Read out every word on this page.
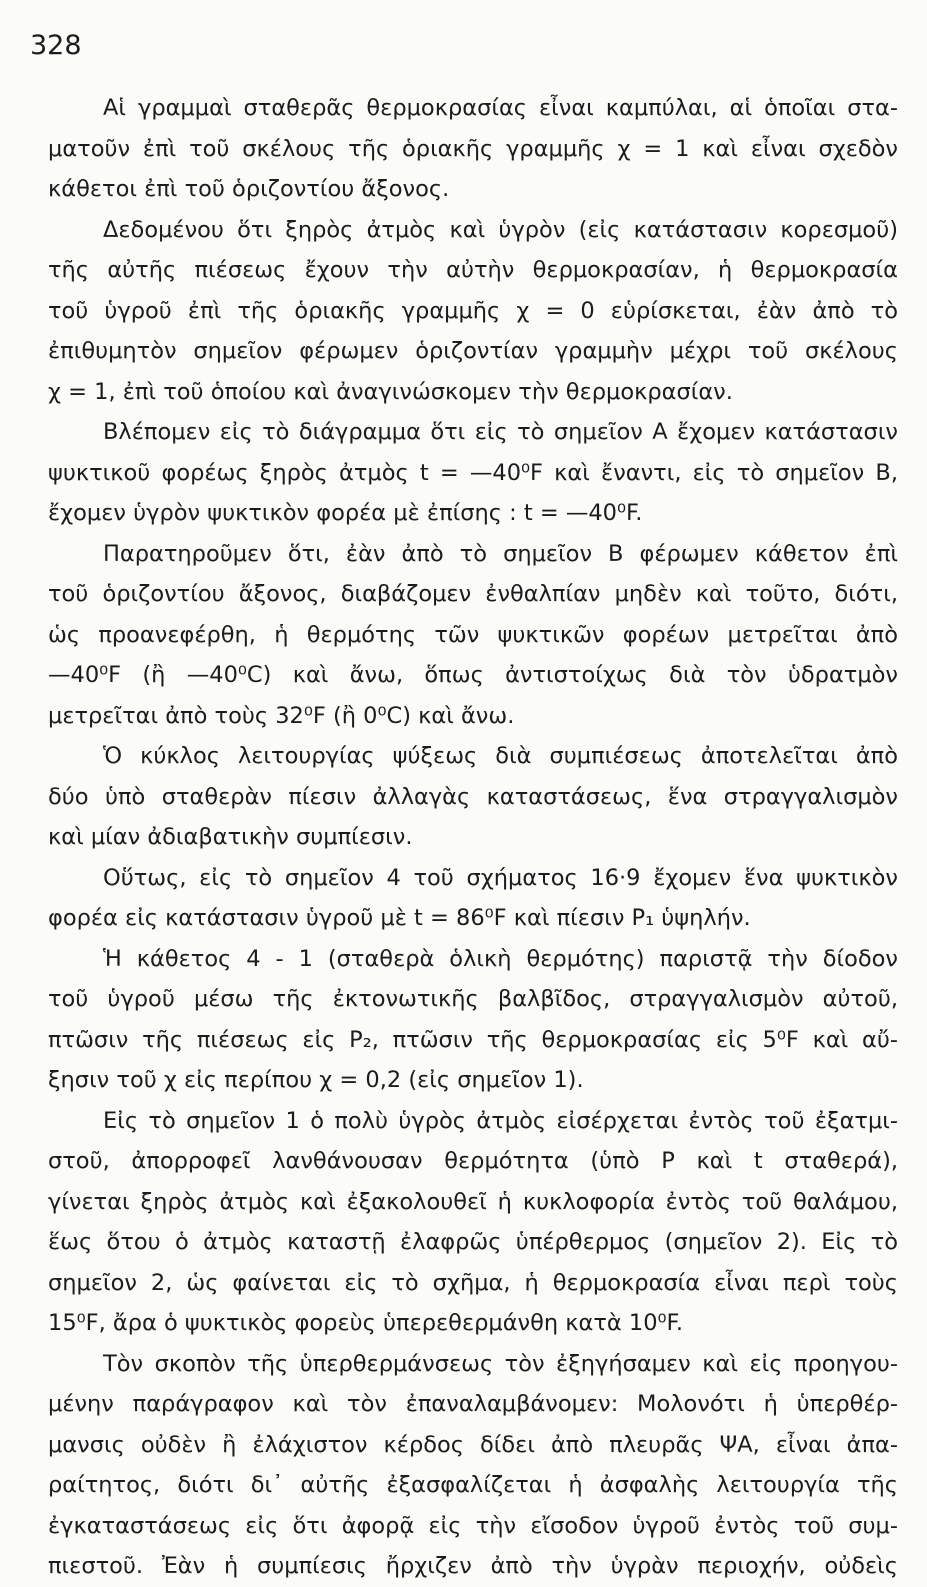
328
Αἱ γραμμαὶ σταθερᾶς θερμοκρασίας εἶναι καμπύλαι, αἱ ὁποῖαι στα-
ματοῦν ἐπὶ τοῦ σκέλους τῆς ὁριακῆς γραμμῆς χ = 1 καὶ εἶναι σχεδὸν
κάθετοι ἐπὶ τοῦ ὁριζοντίου ἄξονος.
Δεδομένου ὅτι ξηρὸς ἀτμὸς καὶ ὑγρὸν (εἰς κατάστασιν κορεσμοῦ)
τῆς αὐτῆς πιέσεως ἔχουν τὴν αὐτὴν θερμοκρασίαν, ἡ θερμοκρασία
τοῦ ὑγροῦ ἐπὶ τῆς ὁριακῆς γραμμῆς χ = 0 εὑρίσκεται, ἐὰν ἀπὸ τὸ
ἐπιθυμητὸν σημεῖον φέρωμεν ὁριζοντίαν γραμμὴν μέχρι τοῦ σκέλους
χ = 1, ἐπὶ τοῦ ὁποίου καὶ ἀναγινώσκομεν τὴν θερμοκρασίαν.
Βλέπομεν εἰς τὸ διάγραμμα ὅτι εἰς τὸ σημεῖον Α ἔχομεν κατάστασιν
ψυκτικοῦ φορέως ξηρὸς ἀτμὸς t = —40⁰F καὶ ἔναντι, εἰς τὸ σημεῖον Β,
ἔχομεν ὑγρὸν ψυκτικὸν φορέα μὲ ἐπίσης : t = —40⁰F.
Παρατηροῦμεν ὅτι, ἐὰν ἀπὸ τὸ σημεῖον Β φέρωμεν κάθετον ἐπὶ
τοῦ ὁριζοντίου ἄξονος, διαβάζομεν ἐνθαλπίαν μηδὲν καὶ τοῦτο, διότι,
ὡς προανεφέρθη, ἡ θερμότης τῶν ψυκτικῶν φορέων μετρεῖται ἀπὸ
—40⁰F (ἢ —40⁰C) καὶ ἄνω, ὅπως ἀντιστοίχως διὰ τὸν ὑδρατμὸν
μετρεῖται ἀπὸ τοὺς 32⁰F (ἢ 0⁰C) καὶ ἄνω.
Ὁ κύκλος λειτουργίας ψύξεως διὰ συμπιέσεως ἀποτελεῖται ἀπὸ
δύο ὑπὸ σταθερὰν πίεσιν ἀλλαγὰς καταστάσεως, ἕνα στραγγαλισμὸν
καὶ μίαν ἀδιαβατικὴν συμπίεσιν.
Οὕτως, εἰς τὸ σημεῖον 4 τοῦ σχήματος 16·9 ἔχομεν ἕνα ψυκτικὸν
φορέα εἰς κατάστασιν ὑγροῦ μὲ t = 86⁰F καὶ πίεσιν P₁ ὑψηλήν.
Ἡ κάθετος 4 - 1 (σταθερὰ ὁλικὴ θερμότης) παριστᾷ τὴν δίοδον
τοῦ ὑγροῦ μέσω τῆς ἐκτονωτικῆς βαλβῖδος, στραγγαλισμὸν αὐτοῦ,
πτῶσιν τῆς πιέσεως εἰς P₂, πτῶσιν τῆς θερμοκρασίας εἰς 5⁰F καὶ αὔ-
ξησιν τοῦ χ εἰς περίπου χ = 0,2 (εἰς σημεῖον 1).
Εἰς τὸ σημεῖον 1 ὁ πολὺ ὑγρὸς ἀτμὸς εἰσέρχεται ἐντὸς τοῦ ἐξατμι-
στοῦ, ἀπορροφεῖ λανθάνουσαν θερμότητα (ὑπὸ P καὶ t σταθερά),
γίνεται ξηρὸς ἀτμὸς καὶ ἐξακολουθεῖ ἡ κυκλοφορία ἐντὸς τοῦ θαλάμου,
ἕως ὅτου ὁ ἀτμὸς καταστῇ ἐλαφρῶς ὑπέρθερμος (σημεῖον 2). Εἰς τὸ
σημεῖον 2, ὡς φαίνεται εἰς τὸ σχῆμα, ἡ θερμοκρασία εἶναι περὶ τοὺς
15⁰F, ἄρα ὁ ψυκτικὸς φορεὺς ὑπερεθερμάνθη κατὰ 10⁰F.
Τὸν σκοπὸν τῆς ὑπερθερμάνσεως τὸν ἐξηγήσαμεν καὶ εἰς προηγου-
μένην παράγραφον καὶ τὸν ἐπαναλαμβάνομεν: Μολονότι ἡ ὑπερθέρ-
μανσις οὐδὲν ἢ ἐλάχιστον κέρδος δίδει ἀπὸ πλευρᾶς ΨΑ, εἶναι ἀπα-
ραίτητος, διότι δι᾿ αὐτῆς ἐξασφαλίζεται ἡ ἀσφαλὴς λειτουργία τῆς
ἐγκαταστάσεως εἰς ὅτι ἀφορᾷ εἰς τὴν εἴσοδον ὑγροῦ ἐντὸς τοῦ συμ-
πιεστοῦ. Ἐὰν ἡ συμπίεσις ἤρχιζεν ἀπὸ τὴν ὑγρὰν περιοχήν, οὐδεὶς
